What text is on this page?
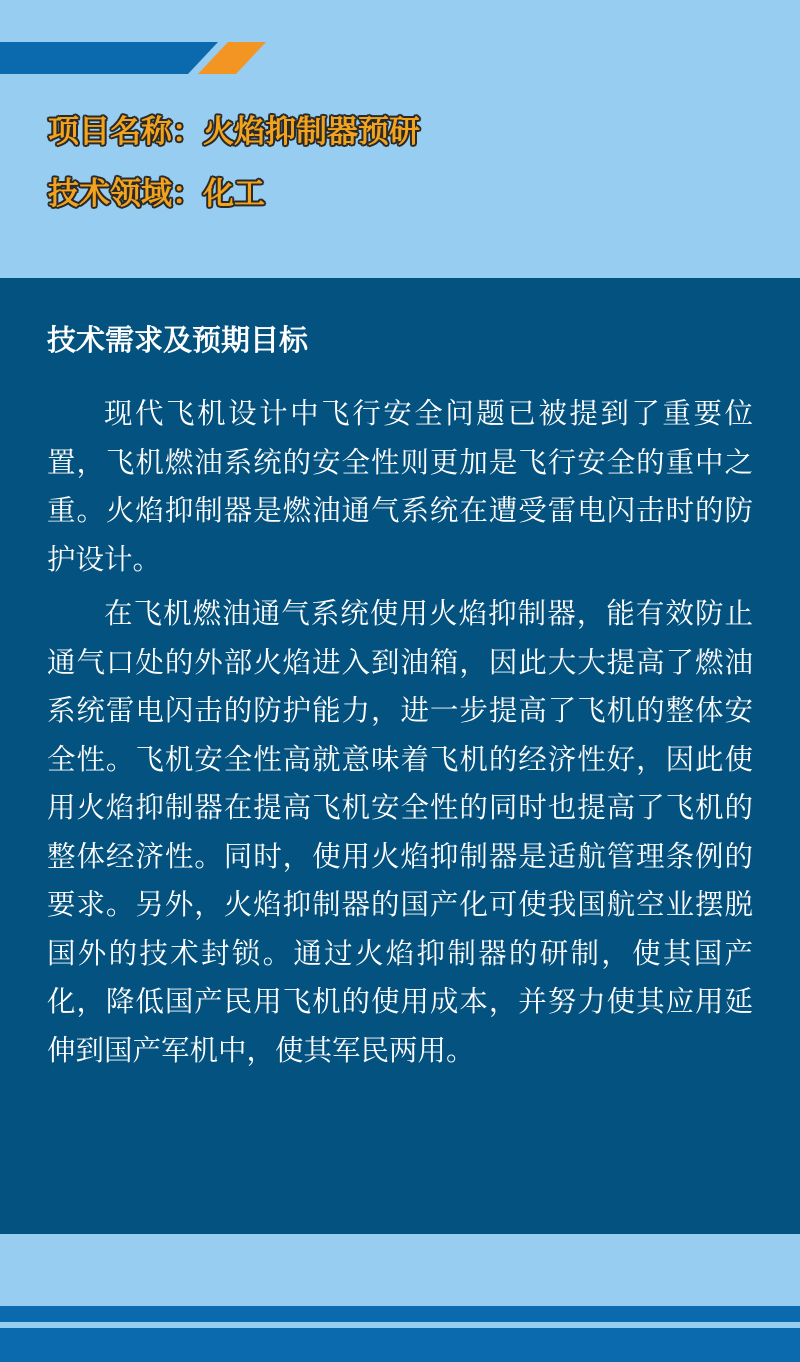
项目名称：火焰抑制器预研
技术领域：化工
技术需求及预期目标

现代飞机设计中飞行安全问题已被提到了重要位置，飞机燃油系统的安全性则更加是飞行安全的重中之重。火焰抑制器是燃油通气系统在遭受雷电闪击时的防护设计。

在飞机燃油通气系统使用火焰抑制器，能有效防止通气口处的外部火焰进入到油箱，因此大大提高了燃油系统雷电闪击的防护能力，进一步提高了飞机的整体安全性。飞机安全性高就意味着飞机的经济性好，因此使用火焰抑制器在提高飞机安全性的同时也提高了飞机的整体经济性。同时，使用火焰抑制器是适航管理条例的要求。另外，火焰抑制器的国产化可使我国航空业摆脱国外的技术封锁。通过火焰抑制器的研制，使其国产化，降低国产民用飞机的使用成本，并努力使其应用延伸到国产军机中，使其军民两用。
